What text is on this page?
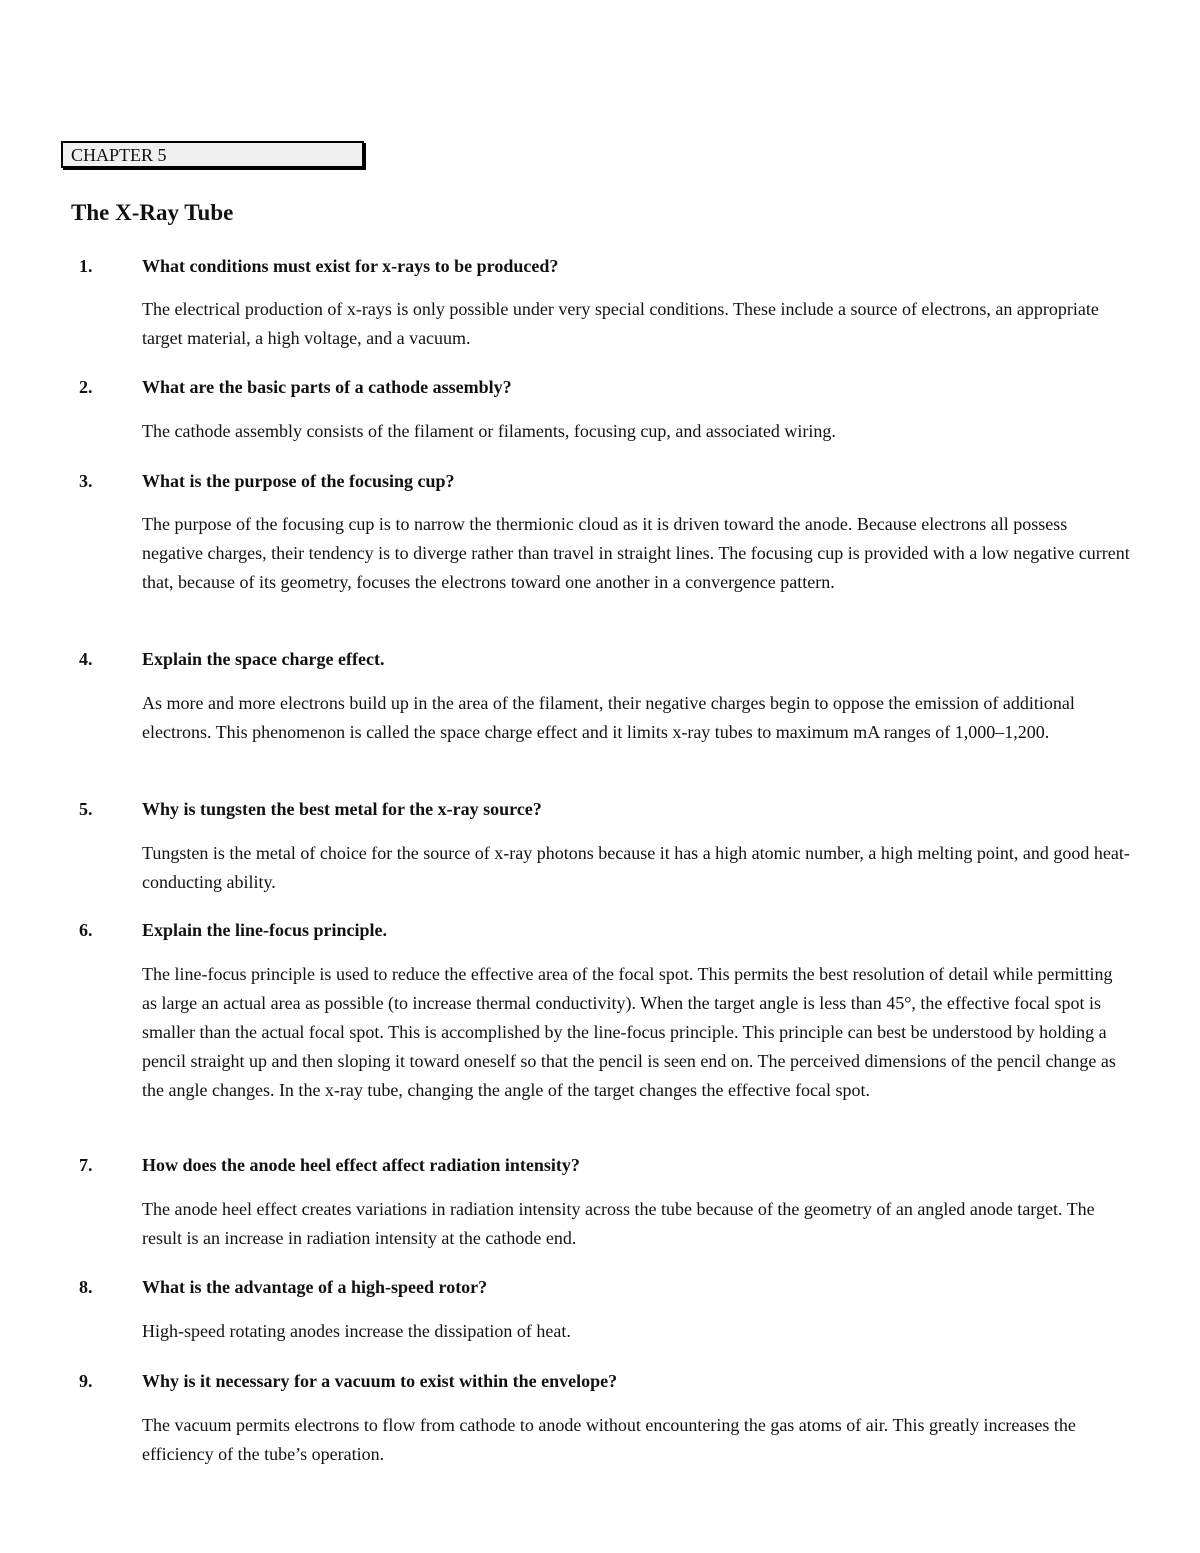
CHAPTER 5
The X-Ray Tube
1.	What conditions must exist for x-rays to be produced?

The electrical production of x-rays is only possible under very special conditions. These include a source of electrons, an appropriate target material, a high voltage, and a vacuum.

2.	What are the basic parts of a cathode assembly?

The cathode assembly consists of the filament or filaments, focusing cup, and associated wiring.

3.	What is the purpose of the focusing cup?

The purpose of the focusing cup is to narrow the thermionic cloud as it is driven toward the anode. Because electrons all possess negative charges, their tendency is to diverge rather than travel in straight lines. The focusing cup is provided with a low negative current that, because of its geometry, focuses the electrons toward one another in a convergence pattern.

4.	Explain the space charge effect.

As more and more electrons build up in the area of the filament, their negative charges begin to oppose the emission of additional electrons. This phenomenon is called the space charge effect and it limits x-ray tubes to maximum mA ranges of 1,000–1,200.

5.	Why is tungsten the best metal for the x-ray source?

Tungsten is the metal of choice for the source of x-ray photons because it has a high atomic number, a high melting point, and good heat-conducting ability.

6.	Explain the line-focus principle.

The line-focus principle is used to reduce the effective area of the focal spot. This permits the best resolution of detail while permitting as large an actual area as possible (to increase thermal conductivity). When the target angle is less than 45°, the effective focal spot is smaller than the actual focal spot. This is accomplished by the line-focus principle. This principle can best be understood by holding a pencil straight up and then sloping it toward oneself so that the pencil is seen end on. The perceived dimensions of the pencil change as the angle changes. In the x-ray tube, changing the angle of the target changes the effective focal spot.

7.	How does the anode heel effect affect radiation intensity?

The anode heel effect creates variations in radiation intensity across the tube because of the geometry of an angled anode target. The result is an increase in radiation intensity at the cathode end.

8.	What is the advantage of a high-speed rotor?

High-speed rotating anodes increase the dissipation of heat.

9.	Why is it necessary for a vacuum to exist within the envelope?

The vacuum permits electrons to flow from cathode to anode without encountering the gas atoms of air. This greatly increases the efficiency of the tube’s operation.
